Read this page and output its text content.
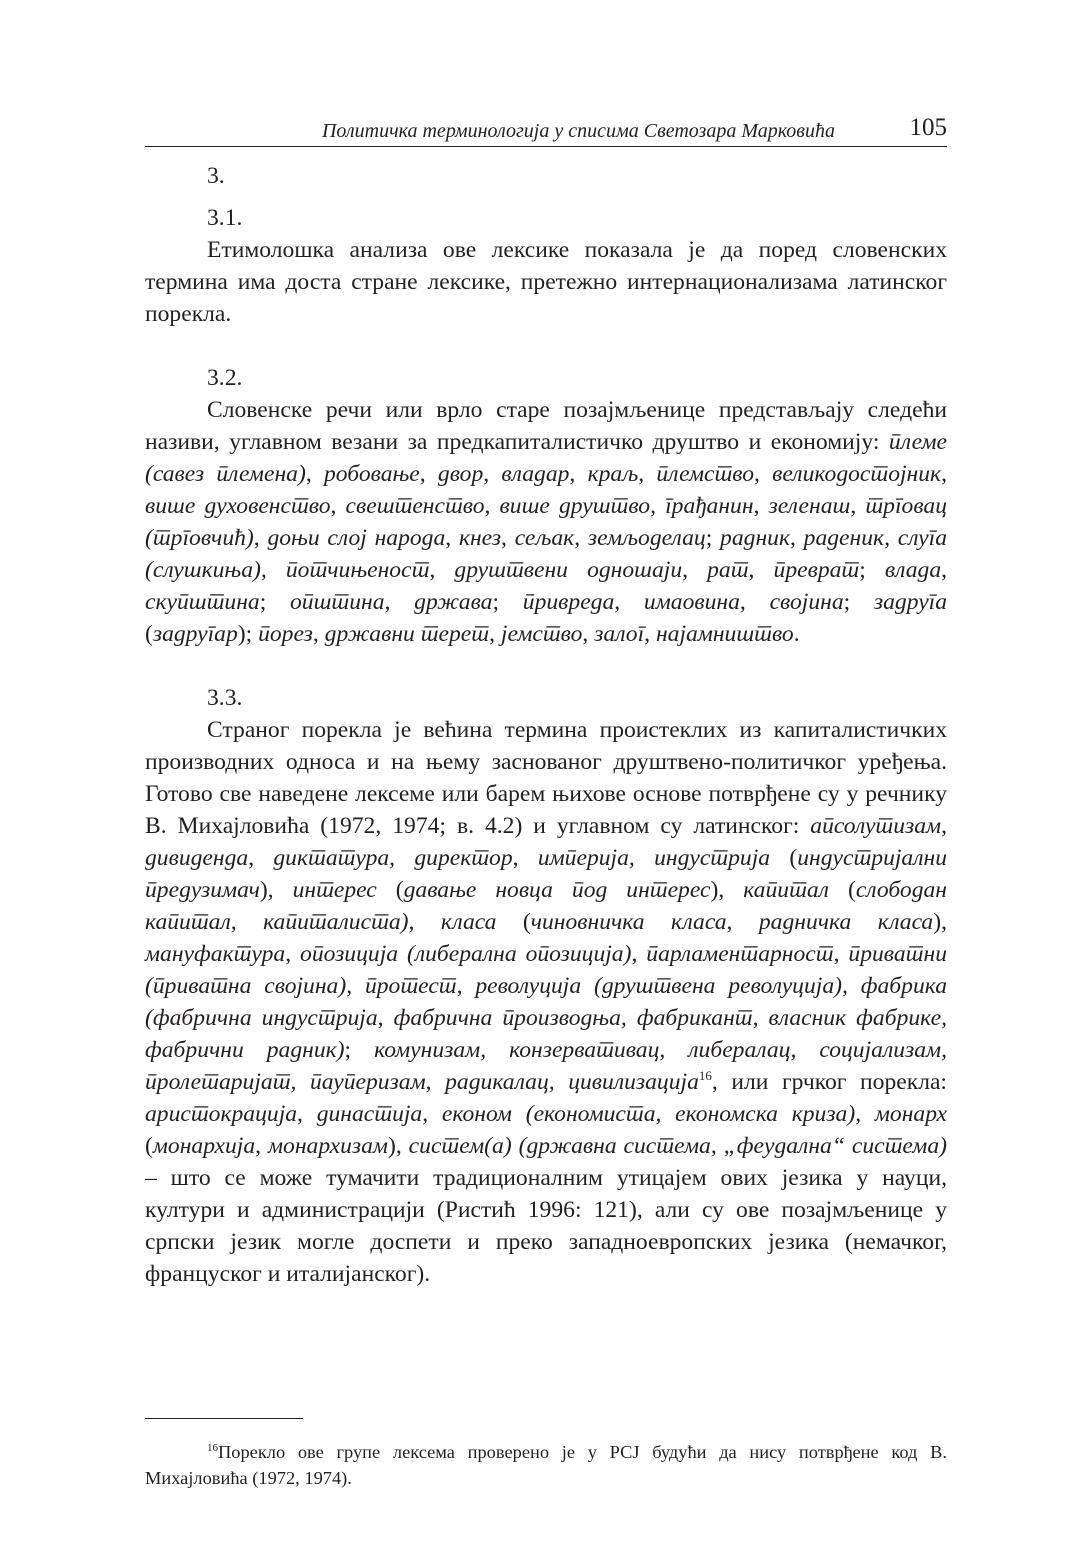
Политичка терминологија у списима Светозара Марковића	105

3.

3.1.

Етимолошка анализа ове лексике показала је да поред словенских термина има доста стране лексике, претежно интернационализама латинског порекла.

3.2.

Словенске речи или врло старе позајмљенице представљају следећи називи, углавном везани за предкапиталистичко друштво и економију: племе (савез племена), робовање, двор, владар, краљ, племство, великодостојник, више духовенство, свештенство, више друштво, грађанин, зеленаш, трговац (трговчић), доњи слој народа, кнез, сељак, земљоделац; радник, раденик, слуга (слушкиња), потчињеност, друштвени одношаји, рат, преврат; влада, скупштина; општина, држава; привреда, имаовина, својина; задруга (задругар); порез, државни терет, јемство, залог, најамништво.

3.3.

Страног порекла је већина термина проистеклих из капиталистичких производних односа и на њему заснованог друштвено-политичког уређења. Готово све наведене лексеме или барем њихове основе потврђене су у речнику В. Михајловића (1972, 1974; в. 4.2) и углавном су латинског: апсолутизам, дивиденда, диктатура, директор, империја, индустрија (индустријални предузимач), интерес (давање новца под интерес), капитал (слободан капитал, капиталиста), класа (чиновничка класа, радничка класа), мануфактура, опозиција (либерална опозиција), парламентарност, приватни (приватна својина), протест, револуција (друштвена револуција), фабрика (фабрична индустрија, фабрична производња, фабрикант, власник фабрике, фабрични радник); комунизам, конзервативац, либералац, социјализам, пролетаријат, пауперизам, радикалац, цивилизација$^{16}$, или грчког порекла: аристокрација, династија, економ (економиста, економска криза), монарх (монархија, монархизам), систем(а) (државна система, „феудална“ система) – што се може тумачити традиционалним утицајем ових језика у науци, култури и администрацији (Ристић 1996: 121), али су ове позајмљенице у српски језик могле доспети и преко западноевропских језика (немачког, француског и италијанског).

$^{16}$Порекло ове групе лексема проверено је у РСЈ будући да нису потврђене код В. Михајловића (1972, 1974).
